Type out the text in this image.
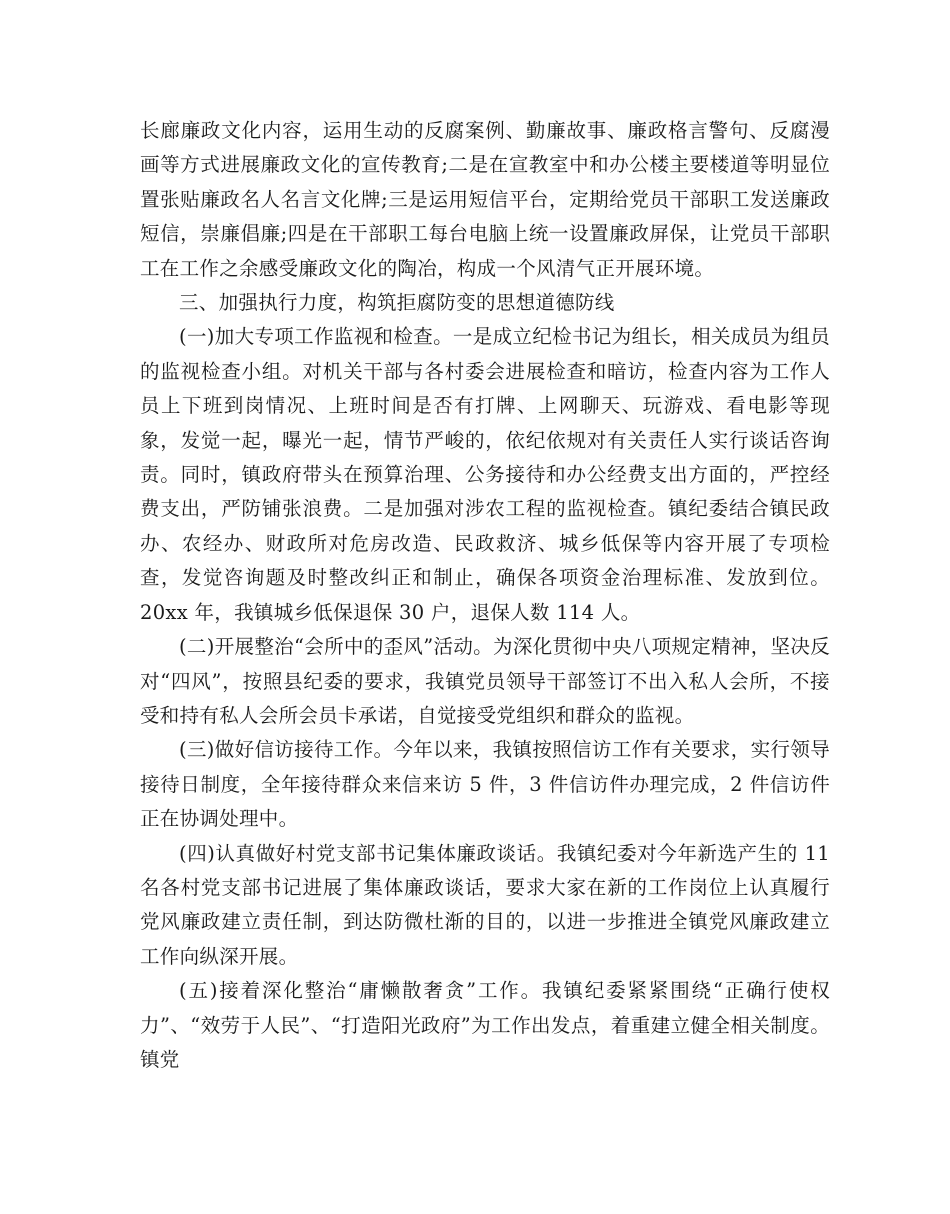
长廊廉政文化内容，运用生动的反腐案例、勤廉故事、廉政格言警句、反腐漫画等方式进展廉政文化的宣传教育;二是在宣教室中和办公楼主要楼道等明显位置张贴廉政名人名言文化牌;三是运用短信平台，定期给党员干部职工发送廉政短信，崇廉倡廉;四是在干部职工每台电脑上统一设置廉政屏保，让党员干部职工在工作之余感受廉政文化的陶冶，构成一个风清气正开展环境。

三、加强执行力度，构筑拒腐防变的思想道德防线

(一)加大专项工作监视和检查。一是成立纪检书记为组长，相关成员为组员的监视检查小组。对机关干部与各村委会进展检查和暗访，检查内容为工作人员上下班到岗情况、上班时间是否有打牌、上网聊天、玩游戏、看电影等现象，发觉一起，曝光一起，情节严峻的，依纪依规对有关责任人实行谈话咨询责。同时，镇政府带头在预算治理、公务接待和办公经费支出方面的，严控经费支出，严防铺张浪费。二是加强对涉农工程的监视检查。镇纪委结合镇民政办、农经办、财政所对危房改造、民政救济、城乡低保等内容开展了专项检查，发觉咨询题及时整改纠正和制止，确保各项资金治理标准、发放到位。20xx 年，我镇城乡低保退保 30 户，退保人数 114 人。

(二)开展整治“会所中的歪风”活动。为深化贯彻中央八项规定精神，坚决反对“四风”，按照县纪委的要求，我镇党员领导干部签订不出入私人会所，不接受和持有私人会所会员卡承诺，自觉接受党组织和群众的监视。

(三)做好信访接待工作。今年以来，我镇按照信访工作有关要求，实行领导接待日制度，全年接待群众来信来访 5 件，3 件信访件办理完成，2 件信访件正在协调处理中。

(四)认真做好村党支部书记集体廉政谈话。我镇纪委对今年新选产生的 11 名各村党支部书记进展了集体廉政谈话，要求大家在新的工作岗位上认真履行党风廉政建立责任制，到达防微杜渐的目的，以进一步推进全镇党风廉政建立工作向纵深开展。

(五)接着深化整治“庸懒散奢贪”工作。我镇纪委紧紧围绕“正确行使权力”、“效劳于人民”、“打造阳光政府”为工作出发点，着重建立健全相关制度。镇党
